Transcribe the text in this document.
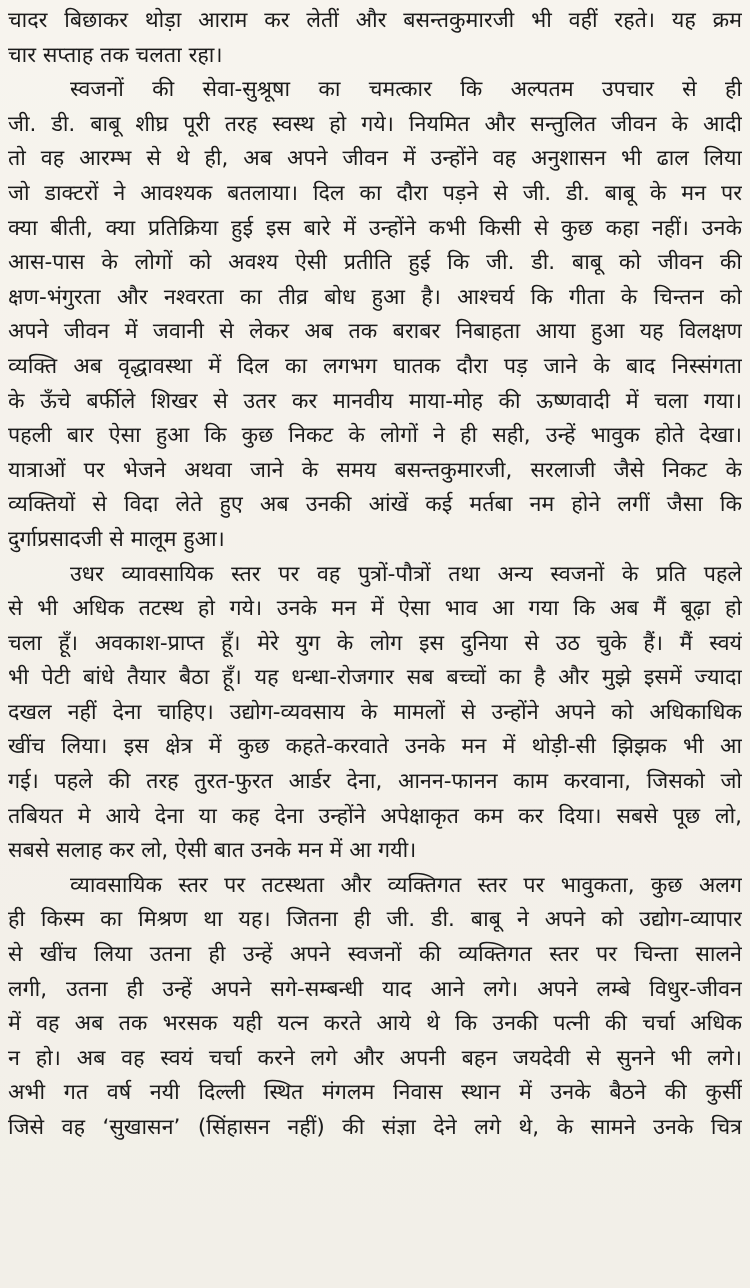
चादर बिछाकर थोड़ा आराम कर लेतीं और बसन्तकुमारजी भी वहीं रहते। यह क्रम
चार सप्ताह तक चलता रहा।
स्वजनों की सेवा-सुश्रूषा का चमत्कार कि अल्पतम उपचार से ही
जी. डी. बाबू शीघ्र पूरी तरह स्वस्थ हो गये। नियमित और सन्तुलित जीवन के आदी
तो वह आरम्भ से थे ही, अब अपने जीवन में उन्होंने वह अनुशासन भी ढाल लिया
जो डाक्टरों ने आवश्यक बतलाया। दिल का दौरा पड़ने से जी. डी. बाबू के मन पर
क्या बीती, क्या प्रतिक्रिया हुई इस बारे में उन्होंने कभी किसी से कुछ कहा नहीं। उनके
आस-पास के लोगों को अवश्य ऐसी प्रतीति हुई कि जी. डी. बाबू को जीवन की
क्षण-भंगुरता और नश्वरता का तीव्र बोध हुआ है। आश्चर्य कि गीता के चिन्तन को
अपने जीवन में जवानी से लेकर अब तक बराबर निबाहता आया हुआ यह विलक्षण
व्यक्ति अब वृद्धावस्था में दिल का लगभग घातक दौरा पड़ जाने के बाद निस्संगता
के ऊँचे बर्फीले शिखर से उतर कर मानवीय माया-मोह की ऊष्णवादी में चला गया।
पहली बार ऐसा हुआ कि कुछ निकट के लोगों ने ही सही, उन्हें भावुक होते देखा।
यात्राओं पर भेजने अथवा जाने के समय बसन्तकुमारजी, सरलाजी जैसे निकट के
व्यक्तियों से विदा लेते हुए अब उनकी आंखें कई मर्तबा नम होने लगीं जैसा कि
दुर्गाप्रसादजी से मालूम हुआ।
उधर व्यावसायिक स्तर पर वह पुत्रों-पौत्रों तथा अन्य स्वजनों के प्रति पहले
से भी अधिक तटस्थ हो गये। उनके मन में ऐसा भाव आ गया कि अब मैं बूढ़ा हो
चला हूँ। अवकाश-प्राप्त हूँ। मेरे युग के लोग इस दुनिया से उठ चुके हैं। मैं स्वयं
भी पेटी बांधे तैयार बैठा हूँ। यह धन्धा-रोजगार सब बच्चों का है और मुझे इसमें ज्यादा
दखल नहीं देना चाहिए। उद्योग-व्यवसाय के मामलों से उन्होंने अपने को अधिकाधिक
खींच लिया। इस क्षेत्र में कुछ कहते-करवाते उनके मन में थोड़ी-सी झिझक भी आ
गई। पहले की तरह तुरत-फुरत आर्डर देना, आनन-फानन काम करवाना, जिसको जो
तबियत मे आये देना या कह देना उन्होंने अपेक्षाकृत कम कर दिया। सबसे पूछ लो,
सबसे सलाह कर लो, ऐसी बात उनके मन में आ गयी।
व्यावसायिक स्तर पर तटस्थता और व्यक्तिगत स्तर पर भावुकता, कुछ अलग
ही किस्म का मिश्रण था यह। जितना ही जी. डी. बाबू ने अपने को उद्योग-व्यापार
से खींच लिया उतना ही उन्हें अपने स्वजनों की व्यक्तिगत स्तर पर चिन्ता सालने
लगी, उतना ही उन्हें अपने सगे-सम्बन्धी याद आने लगे। अपने लम्बे विधुर-जीवन
में वह अब तक भरसक यही यत्न करते आये थे कि उनकी पत्नी की चर्चा अधिक
न हो। अब वह स्वयं चर्चा करने लगे और अपनी बहन जयदेवी से सुनने भी लगे।
अभी गत वर्ष नयी दिल्ली स्थित मंगलम निवास स्थान में उनके बैठने की कुर्सी
जिसे वह ‘सुखासन’ (सिंहासन नहीं) की संज्ञा देने लगे थे, के सामने उनके चित्र
